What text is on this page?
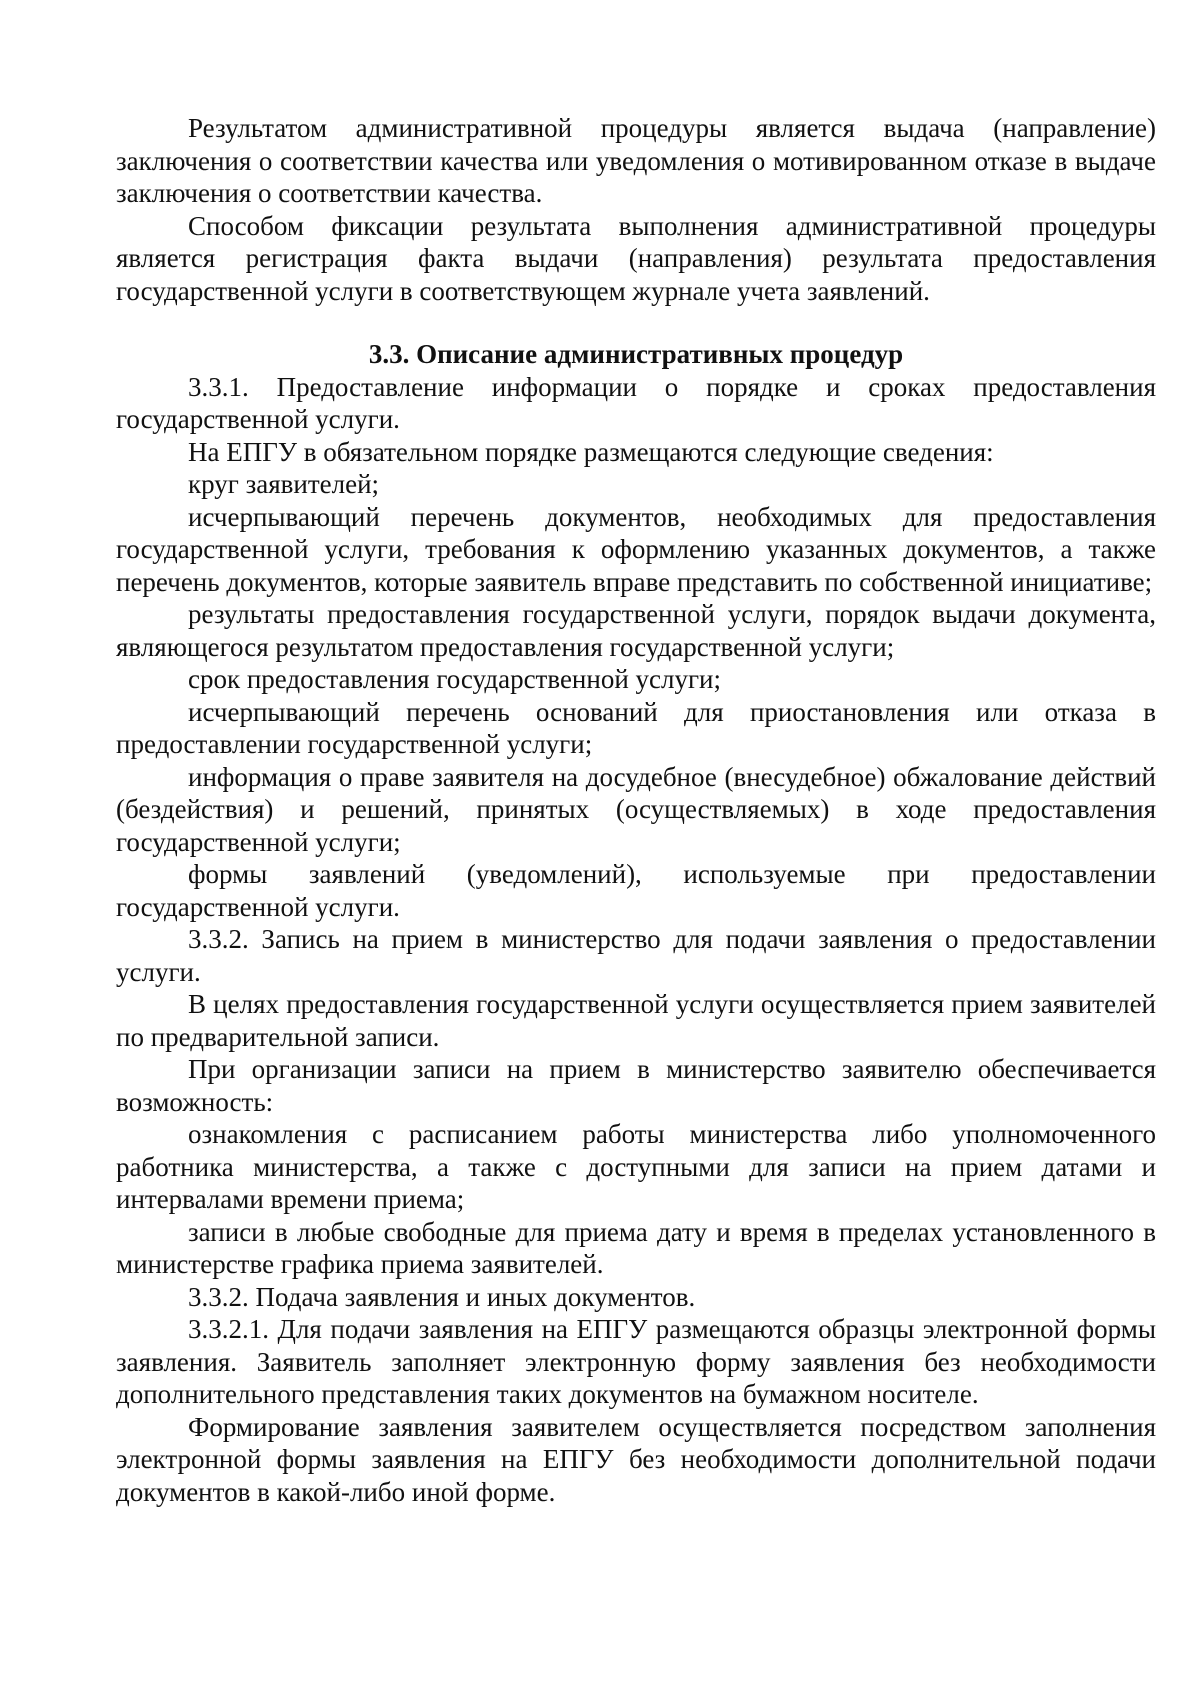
Результатом административной процедуры является выдача (направление) заключения о соответствии качества или уведомления о мотивированном отказе в выдаче заключения о соответствии качества.

Способом фиксации результата выполнения административной процедуры является регистрация факта выдачи (направления) результата предоставления государственной услуги в соответствующем журнале учета заявлений.

3.3. Описание административных процедур

3.3.1. Предоставление информации о порядке и сроках предоставления государственной услуги.

На ЕПГУ в обязательном порядке размещаются следующие сведения:

круг заявителей;

исчерпывающий перечень документов, необходимых для предоставления государственной услуги, требования к оформлению указанных документов, а также перечень документов, которые заявитель вправе представить по собственной инициативе;

результаты предоставления государственной услуги, порядок выдачи документа, являющегося результатом предоставления государственной услуги;

срок предоставления государственной услуги;

исчерпывающий перечень оснований для приостановления или отказа в предоставлении государственной услуги;

информация о праве заявителя на досудебное (внесудебное) обжалование действий (бездействия) и решений, принятых (осуществляемых) в ходе предоставления государственной услуги;

формы заявлений (уведомлений), используемые при предоставлении государственной услуги.

3.3.2. Запись на прием в министерство для подачи заявления о предоставлении услуги.

В целях предоставления государственной услуги осуществляется прием заявителей по предварительной записи.

При организации записи на прием в министерство заявителю обеспечивается возможность:

ознакомления с расписанием работы министерства либо уполномоченного работника министерства, а также с доступными для записи на прием датами и интервалами времени приема;

записи в любые свободные для приема дату и время в пределах установленного в министерстве графика приема заявителей.

3.3.2. Подача заявления и иных документов.

3.3.2.1. Для подачи заявления на ЕПГУ размещаются образцы электронной формы заявления. Заявитель заполняет электронную форму заявления без необходимости дополнительного представления таких документов на бумажном носителе.

Формирование заявления заявителем осуществляется посредством заполнения электронной формы заявления на ЕПГУ без необходимости дополнительной подачи документов в какой-либо иной форме.
